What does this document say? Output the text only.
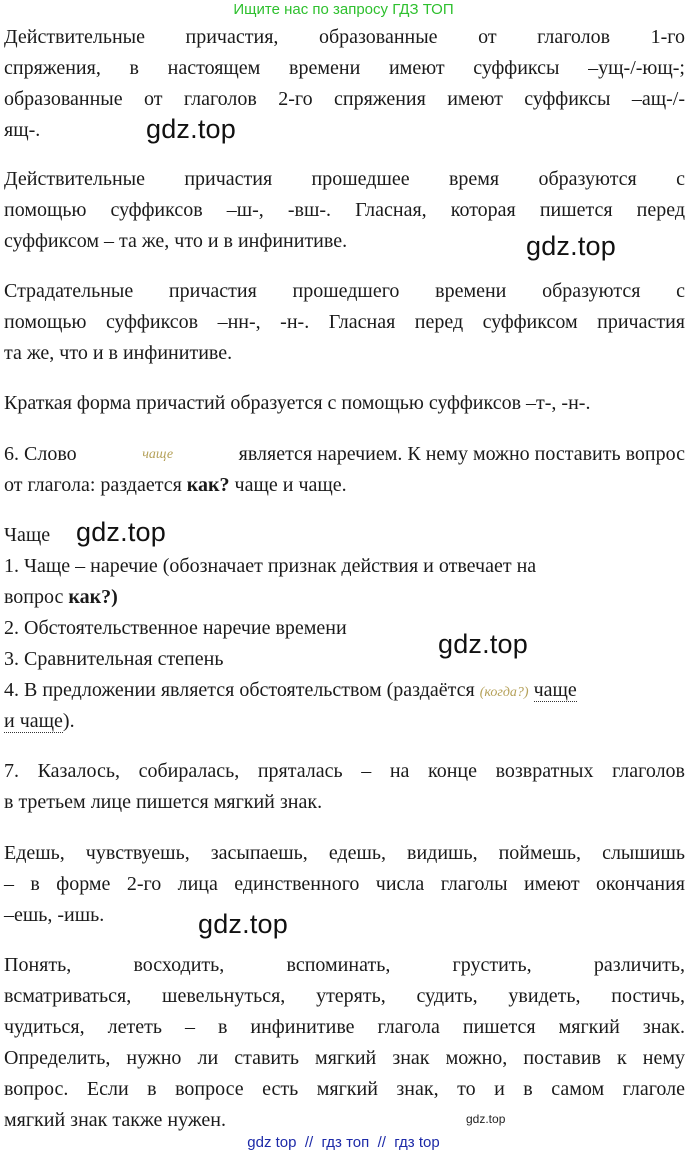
Ищите нас по запросу ГДЗ ТОП
Действительные причастия, образованные от глаголов 1-го
спряжения, в настоящем времени имеют суффиксы –ущ-/-ющ-;
образованные от глаголов 2-го спряжения имеют суффиксы –ащ-/-
ящ-.
Действительные причастия прошедшее время образуются с
помощью суффиксов –ш-, -вш-. Гласная, которая пишется перед
суффиксом – та же, что и в инфинитиве.
Страдательные причастия прошедшего времени образуются с
помощью суффиксов –нн-, -н-. Гласная перед суффиксом причастия
та же, что и в инфинитиве.
Краткая форма причастий образуется с помощью суффиксов –т-, -н-.
6. Слово	чаще	является наречием. К нему можно поставить вопрос
от глагола: раздается как? чаще и чаще.
Чаще
1. Чаще – наречие (обозначает признак действия и отвечает на
вопрос как?)
2. Обстоятельственное наречие времени
3. Сравнительная степень
4. В предложении является обстоятельством (раздаётся (когда?) чаще
и чаще).
7. Казалось, собиралась, пряталась – на конце возвратных глаголов
в третьем лице пишется мягкий знак.
Едешь, чувствуешь, засыпаешь, едешь, видишь, поймешь, слышишь
– в форме 2-го лица единственного числа глаголы имеют окончания
–ешь, -ишь.
Понять, восходить, вспоминать, грустить, различить,
всматриваться, шевельнуться, утерять, судить, увидеть, постичь,
чудиться, лететь – в инфинитиве глагола пишется мягкий знак.
Определить, нужно ли ставить мягкий знак можно, поставив к нему
вопрос. Если в вопросе есть мягкий знак, то и в самом глаголе
мягкий знак также нужен.
gdz.top
gdz.top
gdz.top
gdz.top
gdz.top
gdz.top
gdz top  //  гдз топ  //  гдз top
